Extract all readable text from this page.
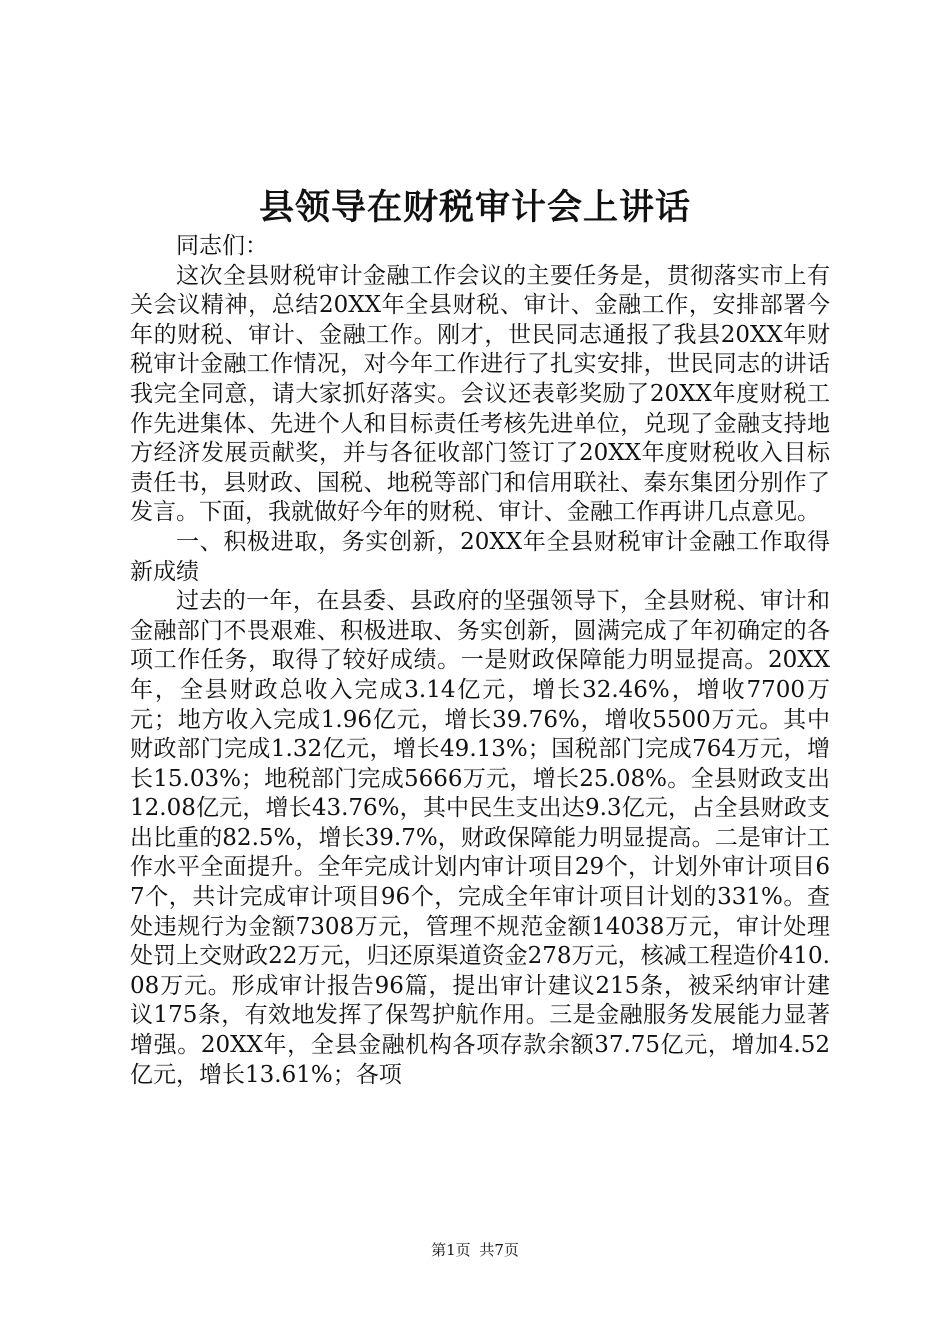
县领导在财税审计会上讲话

同志们：

这次全县财税审计金融工作会议的主要任务是，贯彻落实市上有关会议精神，总结20XX年全县财税、审计、金融工作，安排部署今年的财税、审计、金融工作。刚才，世民同志通报了我县20XX年财税审计金融工作情况，对今年工作进行了扎实安排，世民同志的讲话我完全同意，请大家抓好落实。会议还表彰奖励了20XX年度财税工作先进集体、先进个人和目标责任考核先进单位，兑现了金融支持地方经济发展贡献奖，并与各征收部门签订了20XX年度财税收入目标责任书，县财政、国税、地税等部门和信用联社、秦东集团分别作了发言。下面，我就做好今年的财税、审计、金融工作再讲几点意见。

一、积极进取，务实创新，20XX年全县财税审计金融工作取得新成绩

过去的一年，在县委、县政府的坚强领导下，全县财税、审计和金融部门不畏艰难、积极进取、务实创新，圆满完成了年初确定的各项工作任务，取得了较好成绩。一是财政保障能力明显提高。20XX年，全县财政总收入完成3.14亿元，增长32.46%，增收7700万元；地方收入完成1.96亿元，增长39.76%，增收5500万元。其中财政部门完成1.32亿元，增长49.13%；国税部门完成764万元，增长15.03%；地税部门完成5666万元，增长25.08%。全县财政支出12.08亿元，增长43.76%，其中民生支出达9.3亿元，占全县财政支出比重的82.5%，增长39.7%，财政保障能力明显提高。二是审计工作水平全面提升。全年完成计划内审计项目29个，计划外审计项目67个，共计完成审计项目96个，完成全年审计项目计划的331%。查处违规行为金额7308万元，管理不规范金额14038万元，审计处理处罚上交财政22万元，归还原渠道资金278万元，核减工程造价410.08万元。形成审计报告96篇，提出审计建议215条，被采纳审计建议175条，有效地发挥了保驾护航作用。三是金融服务发展能力显著增强。20XX年，全县金融机构各项存款余额37.75亿元，增加4.52亿元，增长13.61%；各项

第1页 共7页
